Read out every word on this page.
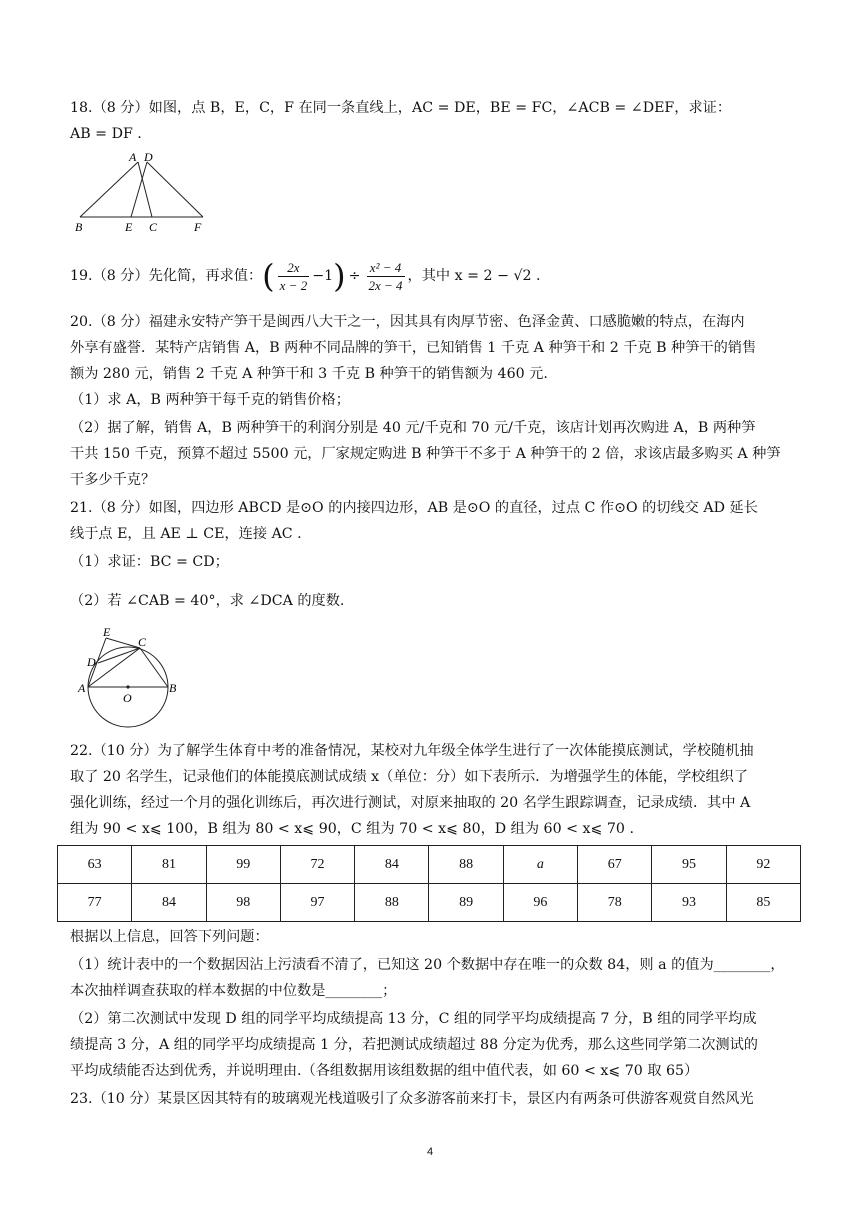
18.（8 分）如图，点 B，E，C，F 在同一条直线上，AC = DE，BE = FC，∠ACB = ∠DEF，求证：
AB = DF .
A D
B	E C	F
19.（8 分）先化简，再求值： ( $\frac{2x}{x - 2} -1$ ) ÷ $\frac{\text{x² − 4}}{2x - 4}$ ，其中 x = 2 − √2 .
20.（8 分）福建永安特产笋干是闽西八大干之一，因其具有肉厚节密、色泽金黄、口感脆嫩的特点，在海内
外享有盛誉．某特产店销售 A，B 两种不同品牌的笋干，已知销售 1 千克 A 种笋干和 2 千克 B 种笋干的销售
额为 280 元，销售 2 千克 A 种笋干和 3 千克 B 种笋干的销售额为 460 元.
（1）求 A，B 两种笋干每千克的销售价格；
（2）据了解，销售 A，B 两种笋干的利润分别是 40 元/千克和 70 元/千克，该店计划再次购进 A，B 两种笋
干共 150 千克，预算不超过 5500 元，厂家规定购进 B 种笋干不多于 A 种笋干的 2 倍，求该店最多购买 A 种笋
干多少千克？
21.（8 分）如图，四边形 ABCD 是⊙O 的内接四边形，AB 是⊙O 的直径，过点 C 作⊙O 的切线交 AD 延长
线于点 E，且 AE ⊥ CE，连接 AC .
（1）求证：BC = CD；
（2）若 ∠CAB = 40°，求 ∠DCA 的度数.
E
C
D
A
O
B
22.（10 分）为了解学生体育中考的准备情况，某校对九年级全体学生进行了一次体能摸底测试，学校随机抽
取了 20 名学生，记录他们的体能摸底测试成绩 x（单位：分）如下表所示．为增强学生的体能，学校组织了
强化训练，经过一个月的强化训练后，再次进行测试，对原来抽取的 20 名学生跟踪调查，记录成绩．其中 A
组为 90 < x⩽ 100，B 组为 80 < x⩽ 90，C 组为 70 < x⩽ 80，D 组为 60 < x⩽ 70 .
63	81	99	72	84	88	a	67	95	92
77	84	98	97	88	89	96	78	93	85
根据以上信息，回答下列问题：
（1）统计表中的一个数据因沾上污渍看不清了，已知这 20 个数据中存在唯一的众数 84，则 a 的值为________，
本次抽样调查获取的样本数据的中位数是________；
（2）第二次测试中发现 D 组的同学平均成绩提高 13 分，C 组的同学平均成绩提高 7 分，B 组的同学平均成
绩提高 3 分，A 组的同学平均成绩提高 1 分，若把测试成绩超过 88 分定为优秀，那么这些同学第二次测试的
平均成绩能否达到优秀，并说明理由.（各组数据用该组数据的组中值代表，如 60 < x⩽ 70 取 65）
23.（10 分）某景区因其特有的玻璃观光栈道吸引了众多游客前来打卡，景区内有两条可供游客观赏自然风光
4
